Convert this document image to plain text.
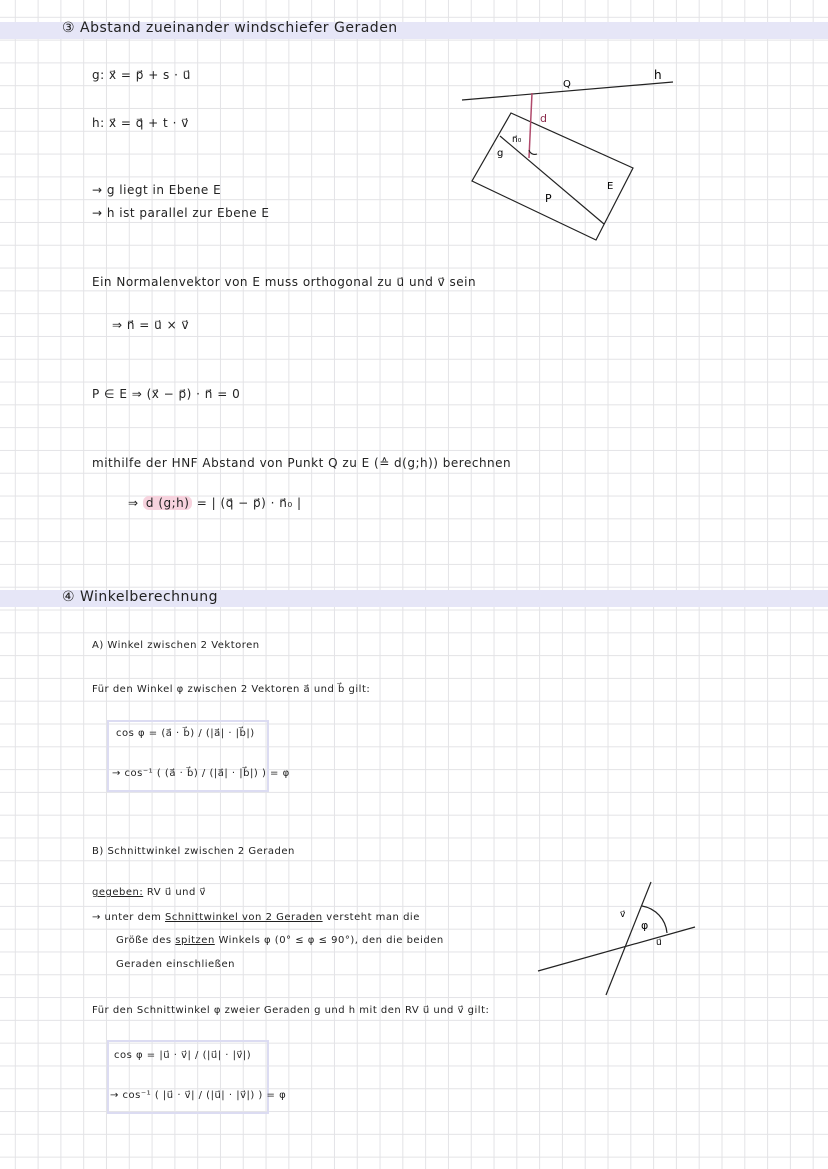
③ Abstand zueinander windschiefer Geraden
g: x⃗ = p⃗ + s · u⃗
h: x⃗ = q⃗ + t · v⃗
→ g liegt in Ebene E
→ h ist parallel zur Ebene E
Ein Normalenvektor von E muss orthogonal zu u⃗ und v⃗ sein
⇒ n⃗ = u⃗ × v⃗
P ∈ E ⇒ (x⃗ − p⃗) · n⃗ = 0
mithilfe der HNF Abstand von Punkt Q zu E (≙ d(g;h)) berechnen
⇒ d (g;h) = | (q⃗ − p⃗) · n⃗₀ |
Q
h
d
n⃗₀
g
P
E
v⃗
φ
u⃗
④ Winkelberechnung
A) Winkel zwischen 2 Vektoren
Für den Winkel φ zwischen 2 Vektoren a⃗ und b⃗ gilt:
cos φ = (a⃗ · b⃗) / (|a⃗| · |b⃗|)
→ cos⁻¹ ( (a⃗ · b⃗) / (|a⃗| · |b⃗|) ) = φ
B) Schnittwinkel zwischen 2 Geraden
gegeben: RV u⃗ und v⃗
→ unter dem Schnittwinkel von 2 Geraden versteht man die
Größe des spitzen Winkels φ (0° ≤ φ ≤ 90°), den die beiden
Geraden einschließen
Für den Schnittwinkel φ zweier Geraden g und h mit den RV u⃗ und v⃗ gilt:
cos φ = |u⃗ · v⃗| / (|u⃗| · |v⃗|)
→ cos⁻¹ ( |u⃗ · v⃗| / (|u⃗| · |v⃗|) ) = φ
